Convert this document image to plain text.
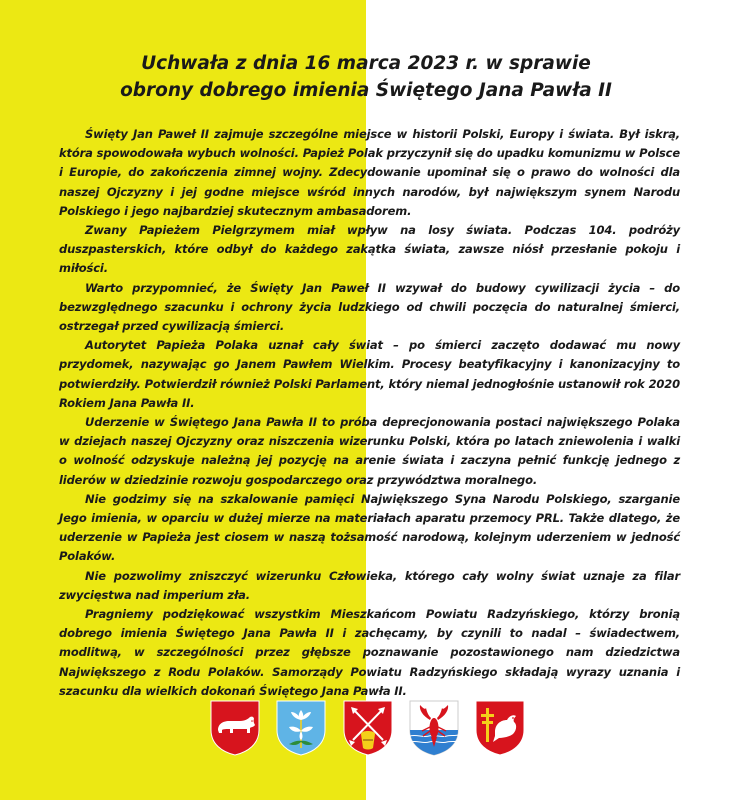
Uchwała z dnia 16 marca 2023 r. w sprawie
obrony dobrego imienia Świętego Jana Pawła II

Święty Jan Paweł II zajmuje szczególne miejsce w historii Polski, Europy i świata. Był iskrą, która spowodowała wybuch wolności. Papież Polak przyczynił się do upadku komunizmu w Polsce i Europie, do zakończenia zimnej wojny. Zdecydowanie upominał się o prawo do wolności dla naszej Ojczyzny i jej godne miejsce wśród innych narodów, był największym synem Narodu Polskiego i jego najbardziej skutecznym ambasadorem.

Zwany Papieżem Pielgrzymem miał wpływ na losy świata. Podczas 104. podróży duszpasterskich, które odbył do każdego zakątka świata, zawsze niósł przesłanie pokoju i miłości.

Warto przypomnieć, że Święty Jan Paweł II wzywał do budowy cywilizacji życia – do bezwzględnego szacunku i ochrony życia ludzkiego od chwili poczęcia do naturalnej śmierci, ostrzegał przed cywilizacją śmierci.

Autorytet Papieża Polaka uznał cały świat – po śmierci zaczęto dodawać mu nowy przydomek, nazywając go Janem Pawłem Wielkim. Procesy beatyfikacyjny i kanonizacyjny to potwierdziły. Potwierdził również Polski Parlament, który niemal jednogłośnie ustanowił rok 2020 Rokiem Jana Pawła II.

Uderzenie w Świętego Jana Pawła II to próba deprecjonowania postaci największego Polaka w dziejach naszej Ojczyzny oraz niszczenia wizerunku Polski, która po latach zniewolenia i walki o wolność odzyskuje należną jej pozycję na arenie świata i zaczyna pełnić funkcję jednego z liderów w dziedzinie rozwoju gospodarczego oraz przywództwa moralnego.

Nie godzimy się na szkalowanie pamięci Największego Syna Narodu Polskiego, szarganie Jego imienia, w oparciu w dużej mierze na materiałach aparatu przemocy PRL. Także dlatego, że uderzenie w Papieża jest ciosem w naszą tożsamość narodową, kolejnym uderzeniem w jedność Polaków.

Nie pozwolimy zniszczyć wizerunku Człowieka, którego cały wolny świat uznaje za filar zwycięstwa nad imperium zła.

Pragniemy podziękować wszystkim Mieszkańcom Powiatu Radzyńskiego, którzy bronią dobrego imienia Świętego Jana Pawła II i zachęcamy, by czynili to nadal – świadectwem, modlitwą, w szczególności przez głębsze poznawanie pozostawionego nam dziedzictwa Największego z Rodu Polaków. Samorządy Powiatu Radzyńskiego składają wyrazy uznania i szacunku dla wielkich dokonań Świętego Jana Pawła II.
